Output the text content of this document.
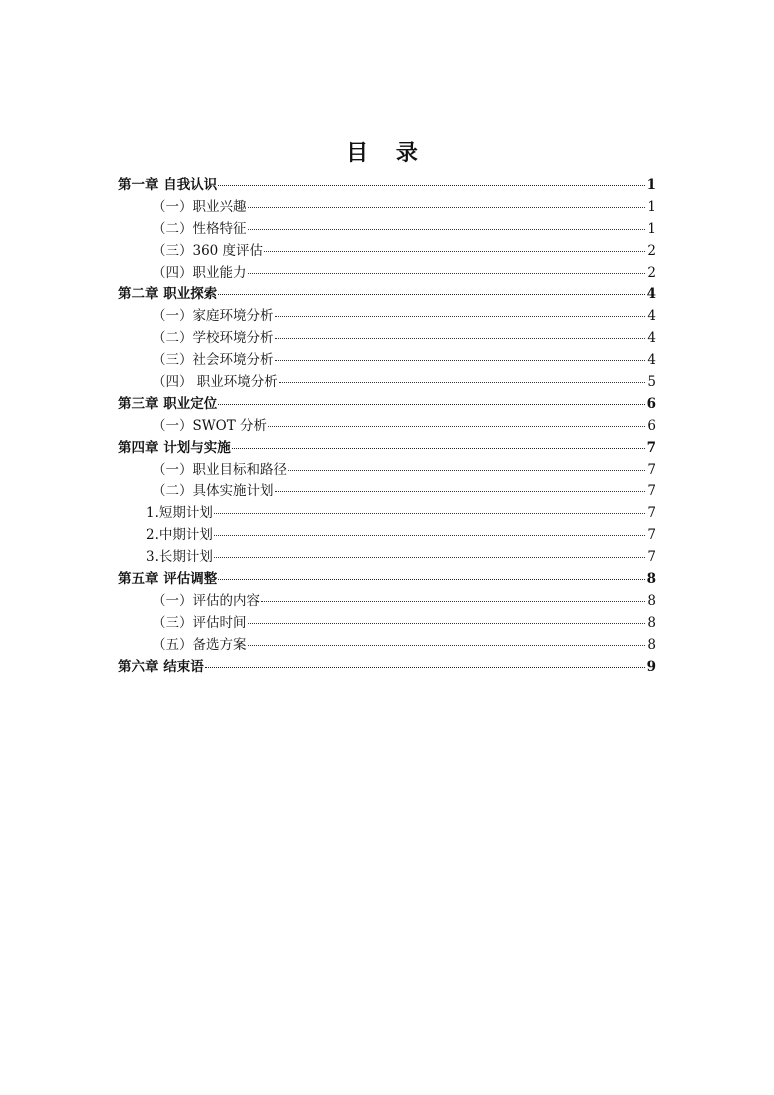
目 录
第一章 自我认识	1
（一）职业兴趣	1
（二）性格特征	1
（三）360 度评估	2
（四）职业能力	2
第二章 职业探索	4
（一）家庭环境分析	4
（二）学校环境分析	4
（三）社会环境分析	4
（四） 职业环境分析	5
第三章 职业定位	6
（一）SWOT 分析	6
第四章 计划与实施	7
（一）职业目标和路径	7
（二）具体实施计划	7
1.短期计划	7
2.中期计划	7
3.长期计划	7
第五章 评估调整	8
（一）评估的内容	8
（三）评估时间	8
（五）备选方案	8
第六章 结束语	9
